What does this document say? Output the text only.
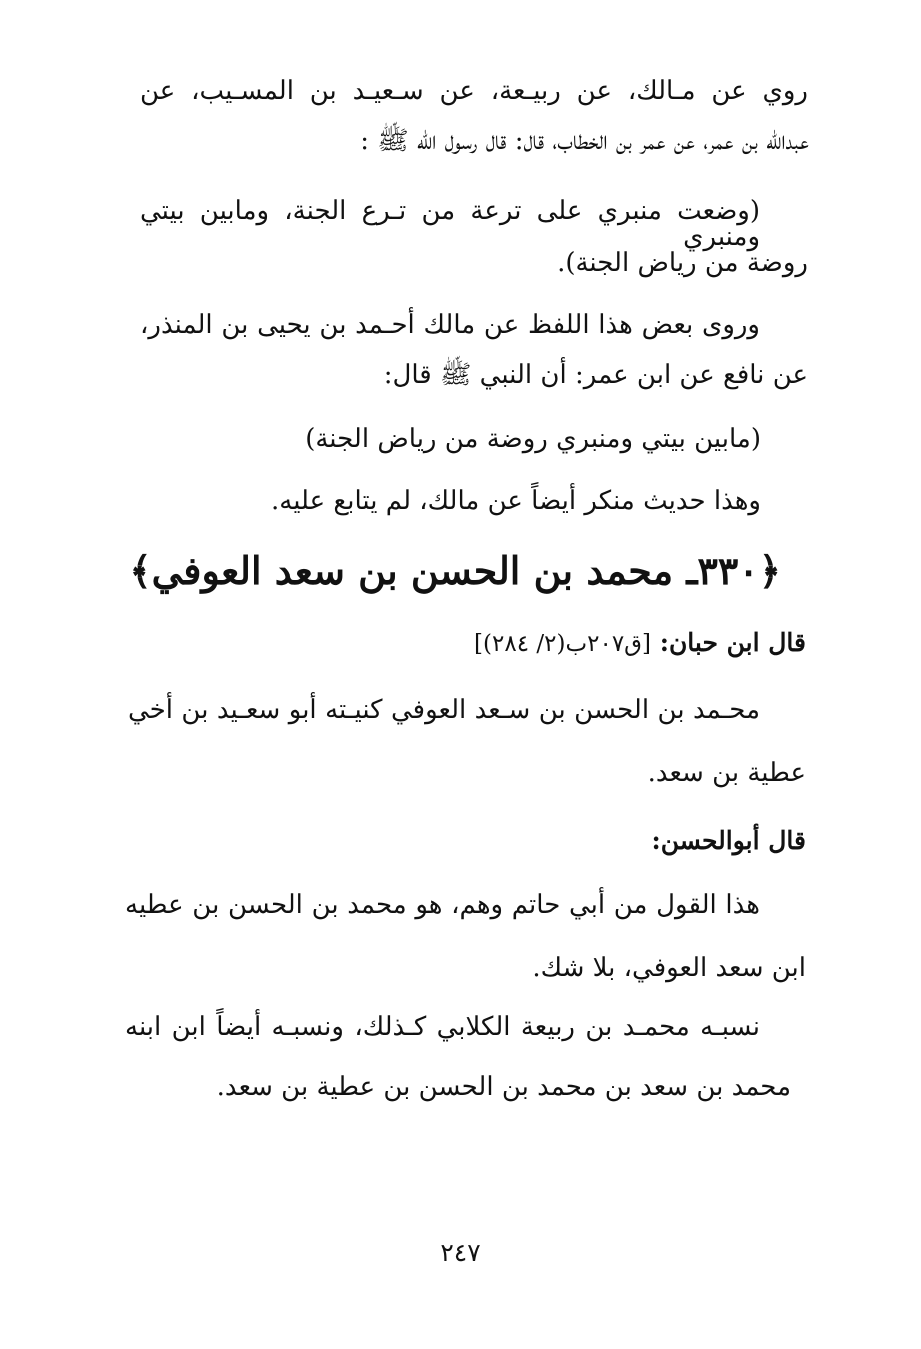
روي عن مـالك، عن ربيـعة، عن سـعيـد بن المسـيب، عن
عبدالله بن عمر، عن عمر بن الخطاب، قال: قال رسول الله ﷺ :
(وضعت منبري على ترعة من تـرع الجنة، ومابين بيتي ومنبري
روضة من رياض الجنة).
وروى بعض هذا اللفظ عن مالك أحـمد بن يحيى بن المنذر،
عن نافع عن ابن عمر: أن النبي ﷺ قال:
(مابين بيتي ومنبري روضة من رياض الجنة)
وهذا حديث منكر أيضاً عن مالك، لم يتابع عليه.
﴿٣٣٠ـ محمد بن الحسن بن سعد العوفي﴾
قال ابن حبان: [ق٢٠٧ب(٢/ ٢٨٤)]
محـمد بن الحسن بن سـعد العوفي كنيـته أبو سعـيد بن أخي
عطية بن سعد.
قال أبوالحسن:
هذا القول من أبي حاتم وهم، هو محمد بن الحسن بن عطيه
ابن سعد العوفي، بلا شك.
نسبـه محمـد بن ربيعة الكلابي كـذلك، ونسبـه أيضاً ابن ابنه
محمد بن سعد بن محمد بن الحسن بن عطية بن سعد.
٢٤٧
